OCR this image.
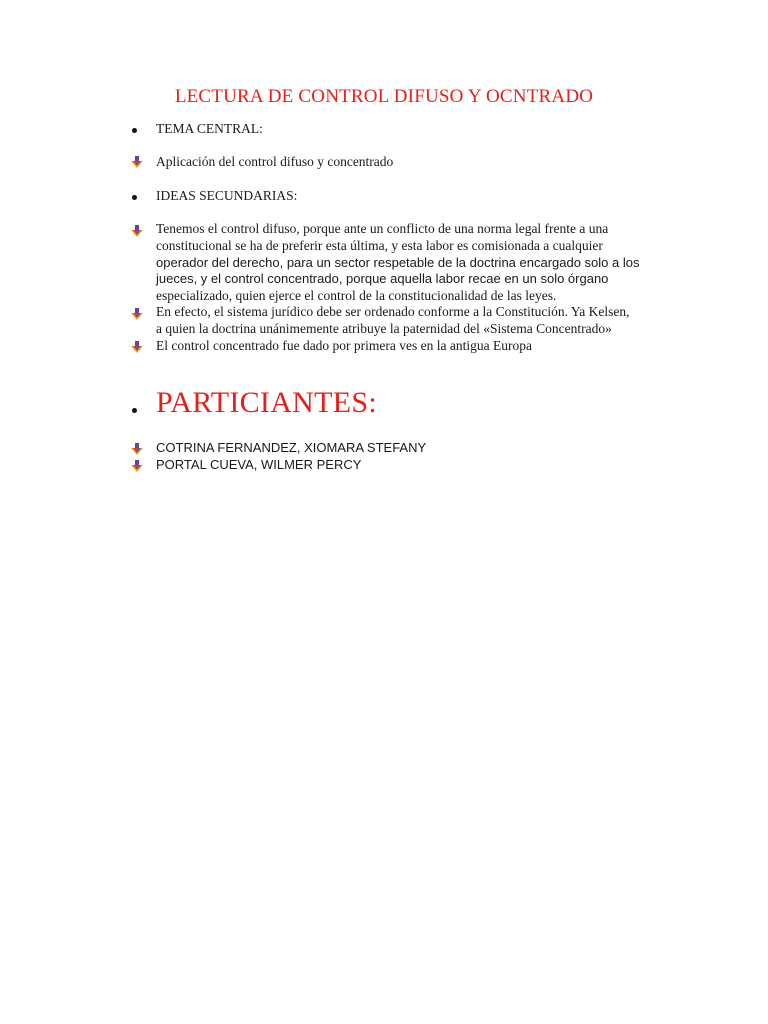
LECTURA DE CONTROL DIFUSO Y OCNTRADO
TEMA CENTRAL:
Aplicación del control difuso y concentrado
IDEAS SECUNDARIAS:
Tenemos el control difuso, porque ante un conflicto de una norma legal frente a una
constitucional se ha de preferir esta última, y esta labor es comisionada a cualquier
operador del derecho, para un sector respetable de la doctrina encargado solo a los
jueces, y el control concentrado, porque aquella labor recae en un solo órgano
especializado, quien ejerce el control de la constitucionalidad de las leyes.
En efecto, el sistema jurídico debe ser ordenado conforme a la Constitución. Ya Kelsen,
a quien la doctrina unánimemente atribuye la paternidad del «Sistema Concentrado»
El control concentrado fue dado por primera ves en la antigua Europa
PARTICIANTES:
COTRINA FERNANDEZ, XIOMARA STEFANY
PORTAL CUEVA, WILMER PERCY
